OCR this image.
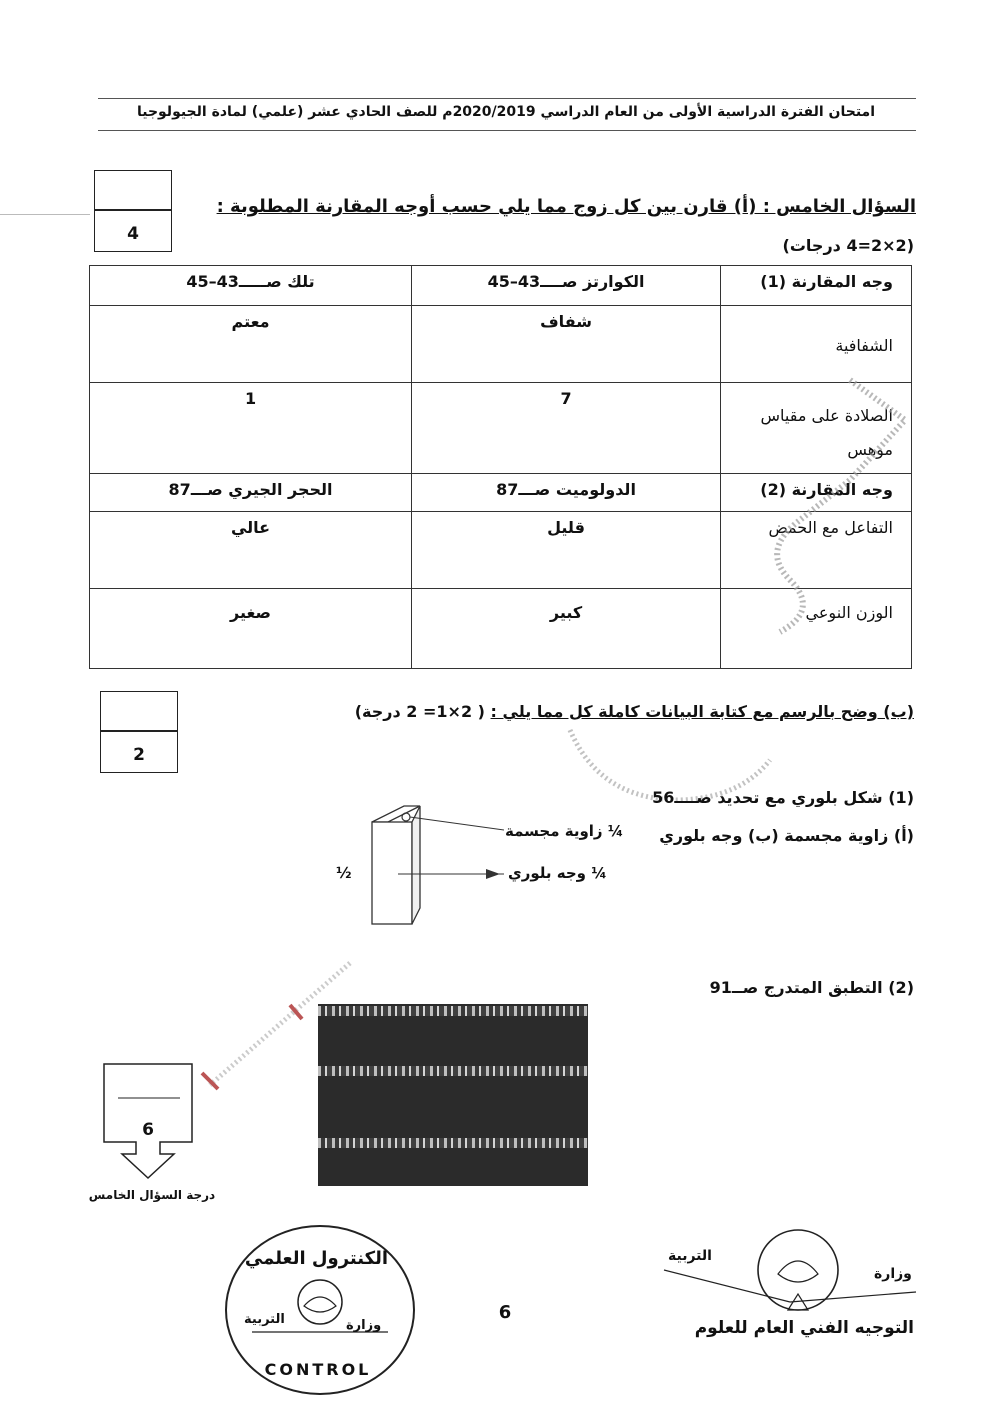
امتحان الفترة الدراسية الأولى من العام الدراسي 2020/2019م للصف الحادي عشر (علمي) لمادة الجيولوجيا
4
السؤال الخامس : (أ) قارن بين كل زوج مما يلي حسب أوجه المقارنة المطلوبة :
(2×2=4 درجات)
وجه المقارنة (1)	الكوارتز صــــ43–45	تلك صـــــ43–45

الشفافية	شفاف	معتم

الصلادة على مقياس موهس	7	1
وجه المقارنة (2)	الدولوميت صـــ87	الحجر الجيري صـــ87
التفاعل مع الحمض	قليل	عالي

الوزن النوعي	كبير	صغير
2
(ب) وضح بالرسم مع كتابة البيانات كاملة كل مما يلي : ( 2×1= 2 درجة)
(1) شكل بلوري مع تحديد صــــ56
(أ) زاوية مجسمة (ب) وجه بلوري
¼ زاوية مجسمة
¼ وجه بلوري
½
(2) التطبق المتدرج صــ91
6
درجة السؤال الخامس
الكنترول العلمي
وزارة
التربية
CONTROL
6
التربية
وزارة
التوجيه الفني العام للعلوم
